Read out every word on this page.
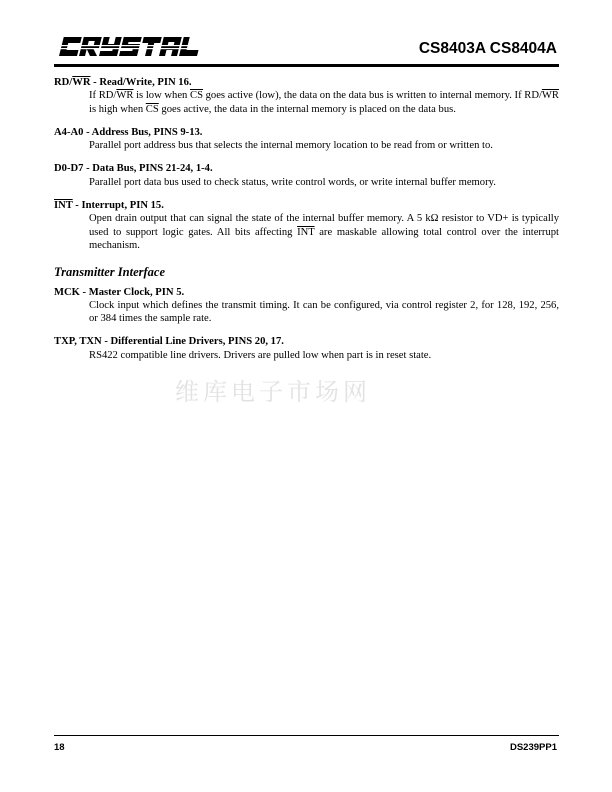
CS8403A CS8404A
$RD/\overline{WR}$ - Read/Write, PIN 16.
If $RD/\overline{WR}$ is low when $\overline{CS}$ goes active (low), the data on the data bus is written to internal memory. If $RD/\overline{WR}$ is high when $\overline{CS}$ goes active, the data in the internal memory is placed on the data bus.
A4-A0 - Address Bus, PINS 9-13.
Parallel port address bus that selects the internal memory location to be read from or written to.
D0-D7 - Data Bus, PINS 21-24, 1-4.
Parallel port data bus used to check status, write control words, or write internal buffer memory.
$\overline{INT}$ - Interrupt, PIN 15.
Open drain output that can signal the state of the internal buffer memory. A 5 kΩ resistor to VD+ is typically used to support logic gates. All bits affecting $\overline{INT}$ are maskable allowing total control over the interrupt mechanism.
Transmitter Interface
MCK - Master Clock, PIN 5.
Clock input which defines the transmit timing. It can be configured, via control register 2, for 128, 192, 256, or 384 times the sample rate.
TXP, TXN - Differential Line Drivers, PINS 20, 17.
RS422 compatible line drivers. Drivers are pulled low when part is in reset state.
维库电子市场网
18	DS239PP1
